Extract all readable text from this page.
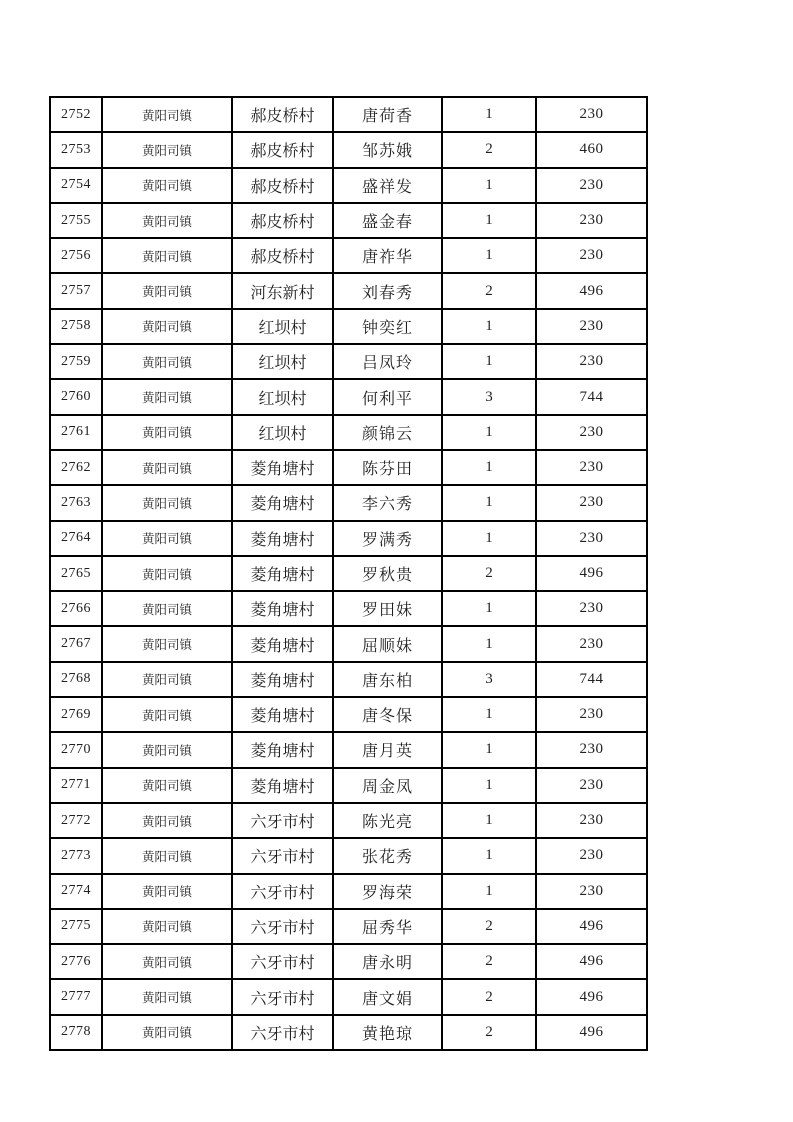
2752	黄阳司镇	郝皮桥村	唐荷香	1	230
2753	黄阳司镇	郝皮桥村	邹苏娥	2	460
2754	黄阳司镇	郝皮桥村	盛祥发	1	230
2755	黄阳司镇	郝皮桥村	盛金春	1	230
2756	黄阳司镇	郝皮桥村	唐祚华	1	230
2757	黄阳司镇	河东新村	刘春秀	2	496
2758	黄阳司镇	红坝村	钟奕红	1	230
2759	黄阳司镇	红坝村	吕凤玲	1	230
2760	黄阳司镇	红坝村	何利平	3	744
2761	黄阳司镇	红坝村	颜锦云	1	230
2762	黄阳司镇	菱角塘村	陈芬田	1	230
2763	黄阳司镇	菱角塘村	李六秀	1	230
2764	黄阳司镇	菱角塘村	罗满秀	1	230
2765	黄阳司镇	菱角塘村	罗秋贵	2	496
2766	黄阳司镇	菱角塘村	罗田妹	1	230
2767	黄阳司镇	菱角塘村	屈顺妹	1	230
2768	黄阳司镇	菱角塘村	唐东柏	3	744
2769	黄阳司镇	菱角塘村	唐冬保	1	230
2770	黄阳司镇	菱角塘村	唐月英	1	230
2771	黄阳司镇	菱角塘村	周金凤	1	230
2772	黄阳司镇	六牙市村	陈光亮	1	230
2773	黄阳司镇	六牙市村	张花秀	1	230
2774	黄阳司镇	六牙市村	罗海荣	1	230
2775	黄阳司镇	六牙市村	屈秀华	2	496
2776	黄阳司镇	六牙市村	唐永明	2	496
2777	黄阳司镇	六牙市村	唐文娟	2	496
2778	黄阳司镇	六牙市村	黄艳琼	2	496
